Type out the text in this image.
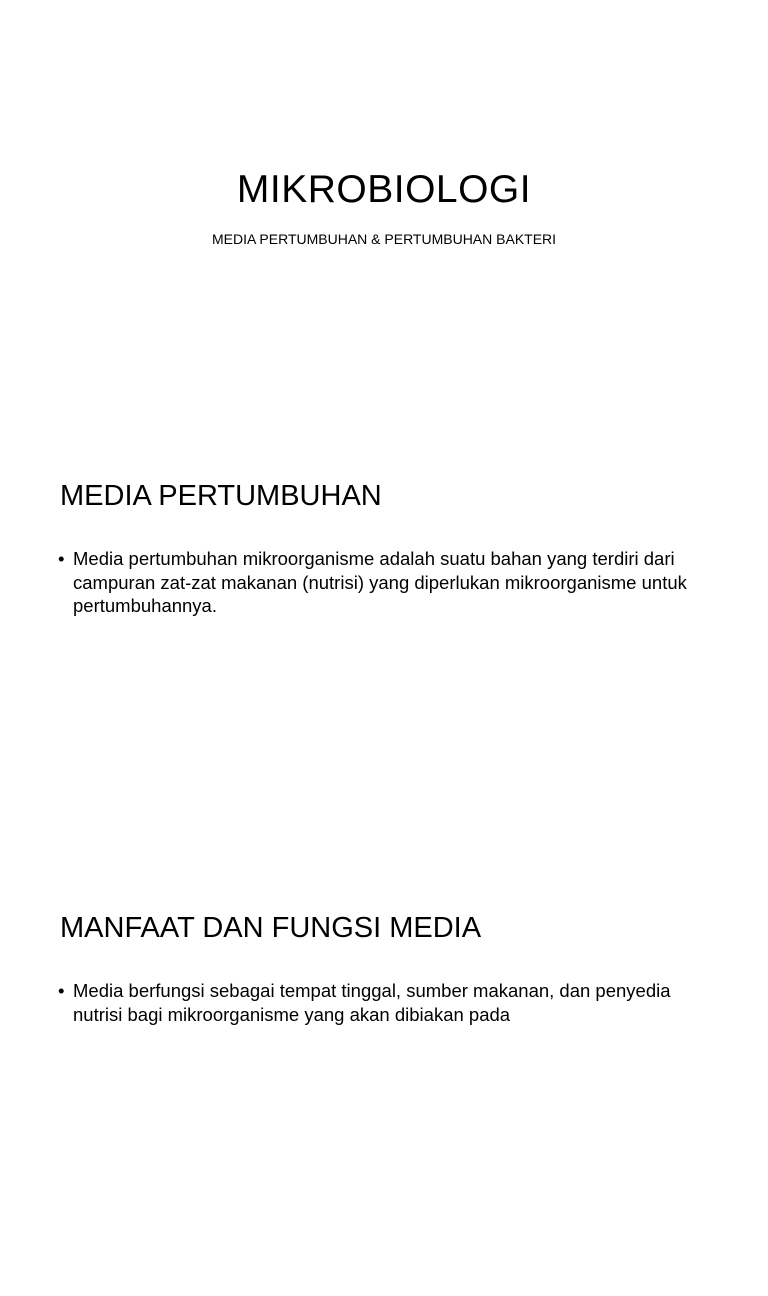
MIKROBIOLOGI
MEDIA PERTUMBUHAN & PERTUMBUHAN BAKTERI
MEDIA PERTUMBUHAN
• Media pertumbuhan mikroorganisme adalah suatu bahan yang terdiri dari campuran zat-zat makanan (nutrisi) yang diperlukan mikroorganisme untuk pertumbuhannya.
MANFAAT DAN FUNGSI MEDIA
• Media berfungsi sebagai tempat tinggal, sumber makanan, dan penyedia nutrisi bagi mikroorganisme yang akan dibiakan pada
